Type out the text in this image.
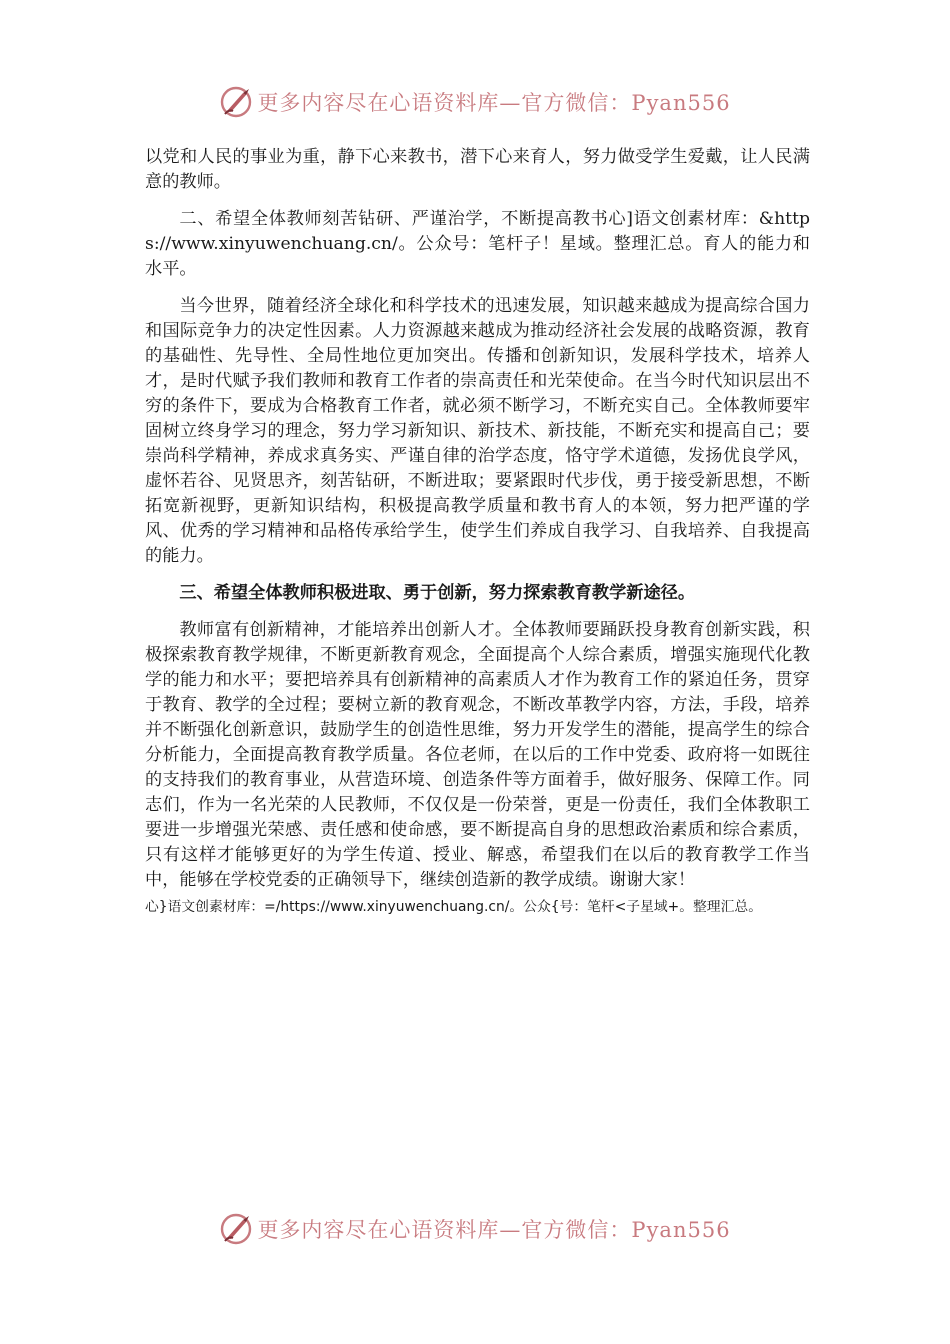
更多内容尽在心语资料库—官方微信：Pyan556

以党和人民的事业为重，静下心来教书，潜下心来育人，努力做受学生爱戴，让人民满意的教师。

二、希望全体教师刻苦钻研、严谨治学，不断提高教书心]语文创素材库：&https://www.xinyuwenchuang.cn/。公众号：笔杆子！星域。整理汇总。育人的能力和水平。

当今世界，随着经济全球化和科学技术的迅速发展，知识越来越成为提高综合国力和国际竞争力的决定性因素。人力资源越来越成为推动经济社会发展的战略资源，教育的基础性、先导性、全局性地位更加突出。传播和创新知识，发展科学技术，培养人才，是时代赋予我们教师和教育工作者的崇高责任和光荣使命。在当今时代知识层出不穷的条件下，要成为合格教育工作者，就必须不断学习，不断充实自己。全体教师要牢固树立终身学习的理念，努力学习新知识、新技术、新技能，不断充实和提高自己；要崇尚科学精神，养成求真务实、严谨自律的治学态度，恪守学术道德，发扬优良学风，虚怀若谷、见贤思齐，刻苦钻研，不断进取；要紧跟时代步伐，勇于接受新思想，不断拓宽新视野，更新知识结构，积极提高教学质量和教书育人的本领，努力把严谨的学风、优秀的学习精神和品格传承给学生，使学生们养成自我学习、自我培养、自我提高的能力。

三、希望全体教师积极进取、勇于创新，努力探索教育教学新途径。

教师富有创新精神，才能培养出创新人才。全体教师要踊跃投身教育创新实践，积极探索教育教学规律，不断更新教育观念，全面提高个人综合素质，增强实施现代化教学的能力和水平；要把培养具有创新精神的高素质人才作为教育工作的紧迫任务，贯穿于教育、教学的全过程；要树立新的教育观念，不断改革教学内容，方法，手段，培养并不断强化创新意识，鼓励学生的创造性思维，努力开发学生的潜能，提高学生的综合分析能力，全面提高教育教学质量。各位老师，在以后的工作中党委、政府将一如既往的支持我们的教育事业，从营造环境、创造条件等方面着手，做好服务、保障工作。同志们，作为一名光荣的人民教师，不仅仅是一份荣誉，更是一份责任，我们全体教职工要进一步增强光荣感、责任感和使命感，要不断提高自身的思想政治素质和综合素质，只有这样才能够更好的为学生传道、授业、解惑，希望我们在以后的教育教学工作当中，能够在学校党委的正确领导下，继续创造新的教学成绩。谢谢大家！

心}语文创素材库：=/https://www.xinyuwenchuang.cn/。公众{号：笔杆<子星域+。整理汇总。

更多内容尽在心语资料库—官方微信：Pyan556
